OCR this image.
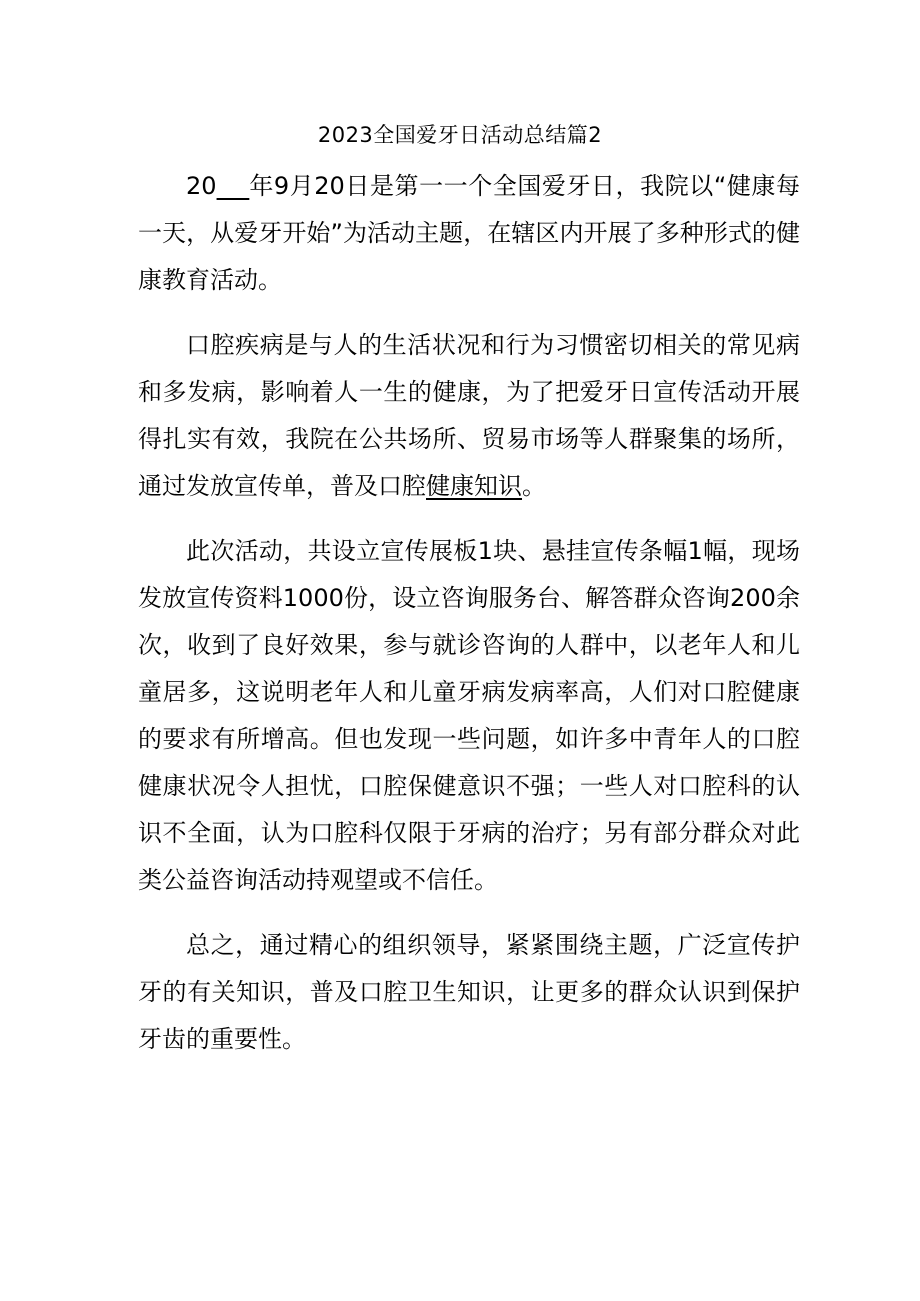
2023全国爱牙日活动总结篇2

20 年9月20日是第一一个全国爱牙日，我院以“健康每一天，从爱牙开始”为活动主题，在辖区内开展了多种形式的健康教育活动。

口腔疾病是与人的生活状况和行为习惯密切相关的常见病和多发病，影响着人一生的健康，为了把爱牙日宣传活动开展得扎实有效，我院在公共场所、贸易市场等人群聚集的场所，通过发放宣传单，普及口腔健康知识。

此次活动，共设立宣传展板1块、悬挂宣传条幅1幅，现场发放宣传资料1000份，设立咨询服务台、解答群众咨询200余次，收到了良好效果，参与就诊咨询的人群中，以老年人和儿童居多，这说明老年人和儿童牙病发病率高，人们对口腔健康的要求有所增高。但也发现一些问题，如许多中青年人的口腔健康状况令人担忧，口腔保健意识不强；一些人对口腔科的认识不全面，认为口腔科仅限于牙病的治疗；另有部分群众对此类公益咨询活动持观望或不信任。

总之，通过精心的组织领导，紧紧围绕主题，广泛宣传护牙的有关知识，普及口腔卫生知识，让更多的群众认识到保护牙齿的重要性。
